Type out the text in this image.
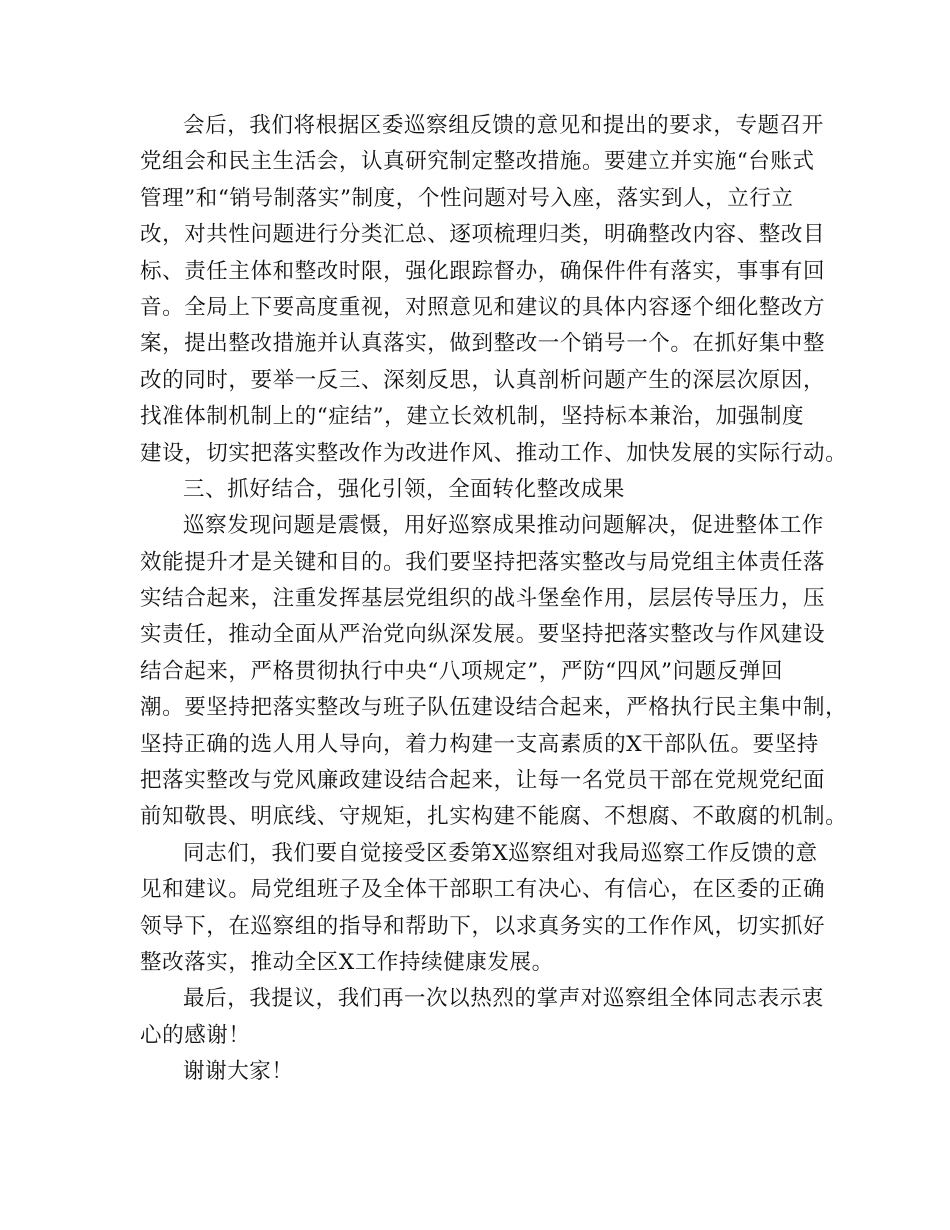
会后，我们将根据区委巡察组反馈的意见和提出的要求，专题召开
党组会和民主生活会，认真研究制定整改措施。要建立并实施“台账式
管理”和“销号制落实”制度，个性问题对号入座，落实到人，立行立
改，对共性问题进行分类汇总、逐项梳理归类，明确整改内容、整改目
标、责任主体和整改时限，强化跟踪督办，确保件件有落实，事事有回
音。全局上下要高度重视，对照意见和建议的具体内容逐个细化整改方
案，提出整改措施并认真落实，做到整改一个销号一个。在抓好集中整
改的同时，要举一反三、深刻反思，认真剖析问题产生的深层次原因，
找准体制机制上的“症结”，建立长效机制，坚持标本兼治，加强制度
建设，切实把落实整改作为改进作风、推动工作、加快发展的实际行动。
三、抓好结合，强化引领，全面转化整改成果
巡察发现问题是震慑，用好巡察成果推动问题解决，促进整体工作
效能提升才是关键和目的。我们要坚持把落实整改与局党组主体责任落
实结合起来，注重发挥基层党组织的战斗堡垒作用，层层传导压力，压
实责任，推动全面从严治党向纵深发展。要坚持把落实整改与作风建设
结合起来，严格贯彻执行中央“八项规定”，严防“四风”问题反弹回
潮。要坚持把落实整改与班子队伍建设结合起来，严格执行民主集中制，
坚持正确的选人用人导向，着力构建一支高素质的X干部队伍。要坚持
把落实整改与党风廉政建设结合起来，让每一名党员干部在党规党纪面
前知敬畏、明底线、守规矩，扎实构建不能腐、不想腐、不敢腐的机制。
同志们，我们要自觉接受区委第X巡察组对我局巡察工作反馈的意
见和建议。局党组班子及全体干部职工有决心、有信心，在区委的正确
领导下，在巡察组的指导和帮助下，以求真务实的工作作风，切实抓好
整改落实，推动全区X工作持续健康发展。
最后，我提议，我们再一次以热烈的掌声对巡察组全体同志表示衷
心的感谢！
谢谢大家！
